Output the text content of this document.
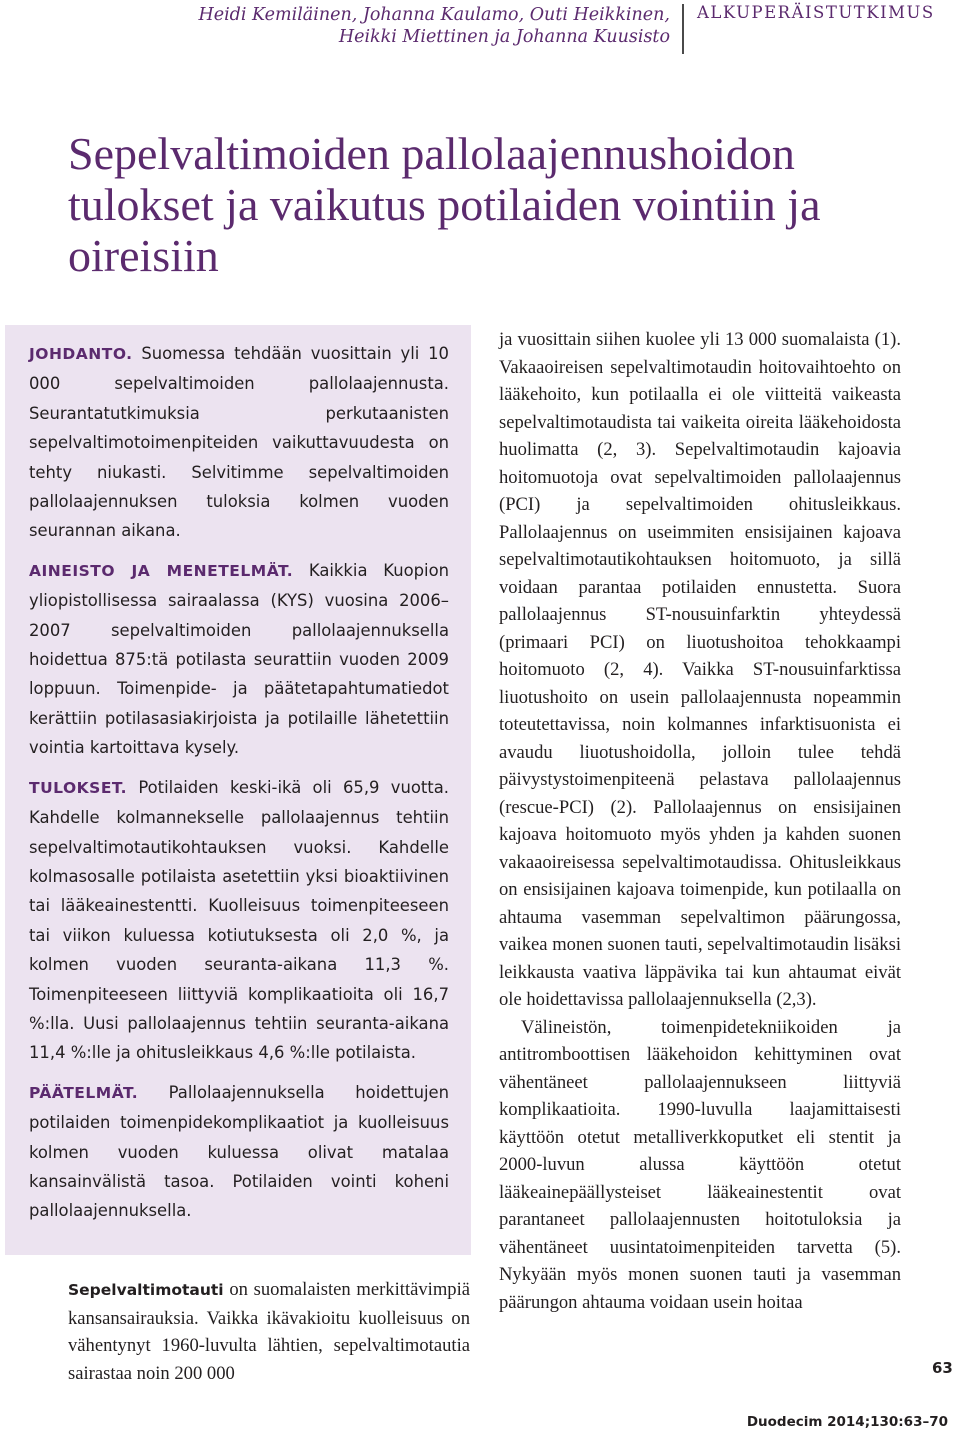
Heidi Kemiläinen, Johanna Kaulamo, Outi Heikkinen,
Heikki Miettinen ja Johanna Kuusisto
ALKUPERÄISTUTKIMUS
Sepelvaltimoiden pallolaajennushoidon tulokset ja vaikutus potilaiden vointiin ja oireisiin

JOHDANTO. Suomessa tehdään vuosittain yli 10 000 sepelvaltimoiden pallolaajennusta. Seurantatutkimuksia perkutaanisten sepelvaltimotoimenpiteiden vaikuttavuudesta on tehty niukasti. Selvitimme sepelvaltimoiden pallolaajennuksen tuloksia kolmen vuoden seurannan aikana.

AINEISTO JA MENETELMÄT. Kaikkia Kuopion yliopistollisessa sairaalassa (KYS) vuosina 2006–2007 sepelvaltimoiden pallolaajennuksella hoidettua 875:tä potilasta seurattiin vuoden 2009 loppuun. Toimenpide- ja päätetapahtumatiedot kerättiin potilasasiakirjoista ja potilaille lähetettiin vointia kartoittava kysely.

TULOKSET. Potilaiden keski-ikä oli 65,9 vuotta. Kahdelle kolmannekselle pallolaajennus tehtiin sepelvaltimotautikohtauksen vuoksi. Kahdelle kolmasosalle potilaista asetettiin yksi bioaktiivinen tai lääkeainestentti. Kuolleisuus toimenpiteeseen tai viikon kuluessa kotiutuksesta oli 2,0 %, ja kolmen vuoden seuranta-aikana 11,3 %. Toimenpiteeseen liittyviä komplikaatioita oli 16,7 %:lla. Uusi pallolaajennus tehtiin seuranta-aikana 11,4 %:lle ja ohitusleikkaus 4,6 %:lle potilaista.

PÄÄTELMÄT. Pallolaajennuksella hoidettujen potilaiden toimenpidekomplikaatiot ja kuolleisuus kolmen vuoden kuluessa olivat matalaa kansainvälistä tasoa. Potilaiden vointi koheni pallolaajennuksella.

Sepelvaltimotauti on suomalaisten merkittävimpiä kansansairauksia. Vaikka ikävakioitu kuolleisuus on vähentynyt 1960-luvulta lähtien, sepelvaltimotautia sairastaa noin 200 000

ja vuosittain siihen kuolee yli 13 000 suomalaista (1). Vakaaoireisen sepelvaltimotaudin hoitovaihtoehto on lääkehoito, kun potilaalla ei ole viitteitä vaikeasta sepelvaltimotaudista tai vaikeita oireita lääkehoidosta huolimatta (2, 3). Sepelvaltimotaudin kajoavia hoitomuotoja ovat sepelvaltimoiden pallolaajennus (PCI) ja sepelvaltimoiden ohitusleikkaus. Pallolaajennus on useimmiten ensisijainen kajoava sepelvaltimotautikohtauksen hoitomuoto, ja sillä voidaan parantaa potilaiden ennustetta. Suora pallolaajennus ST-nousuinfarktin yhteydessä (primaari PCI) on liuotushoitoa tehokkaampi hoitomuoto (2, 4). Vaikka ST-nousuinfarktissa liuotushoito on usein pallolaajennusta nopeammin toteutettavissa, noin kolmannes infarktisuonista ei avaudu liuotushoidolla, jolloin tulee tehdä päivystystoimenpiteenä pelastava pallolaajennus (rescue-PCI) (2). Pallolaajennus on ensisijainen kajoava hoitomuoto myös yhden ja kahden suonen vakaaoireisessa sepelvaltimotaudissa. Ohitusleikkaus on ensisijainen kajoava toimenpide, kun potilaalla on ahtauma vasemman sepelvaltimon päärungossa, vaikea monen suonen tauti, sepelvaltimotaudin lisäksi leikkausta vaativa läppävika tai kun ahtaumat eivät ole hoidettavissa pallolaajennuksella (2,3).

Välineistön, toimenpidetekniikoiden ja antitromboottisen lääkehoidon kehittyminen ovat vähentäneet pallolaajennukseen liittyviä komplikaatioita. 1990-luvulla laajamittaisesti käyttöön otetut metalliverkkoputket eli stentit ja 2000-luvun alussa käyttöön otetut lääkeainepäällysteiset lääkeainestentit ovat parantaneet pallolaajennusten hoitotuloksia ja vähentäneet uusintatoimenpiteiden tarvetta (5). Nykyään myös monen suonen tauti ja vasemman päärungon ahtauma voidaan usein hoitaa

63
Duodecim 2014;130:63–70
